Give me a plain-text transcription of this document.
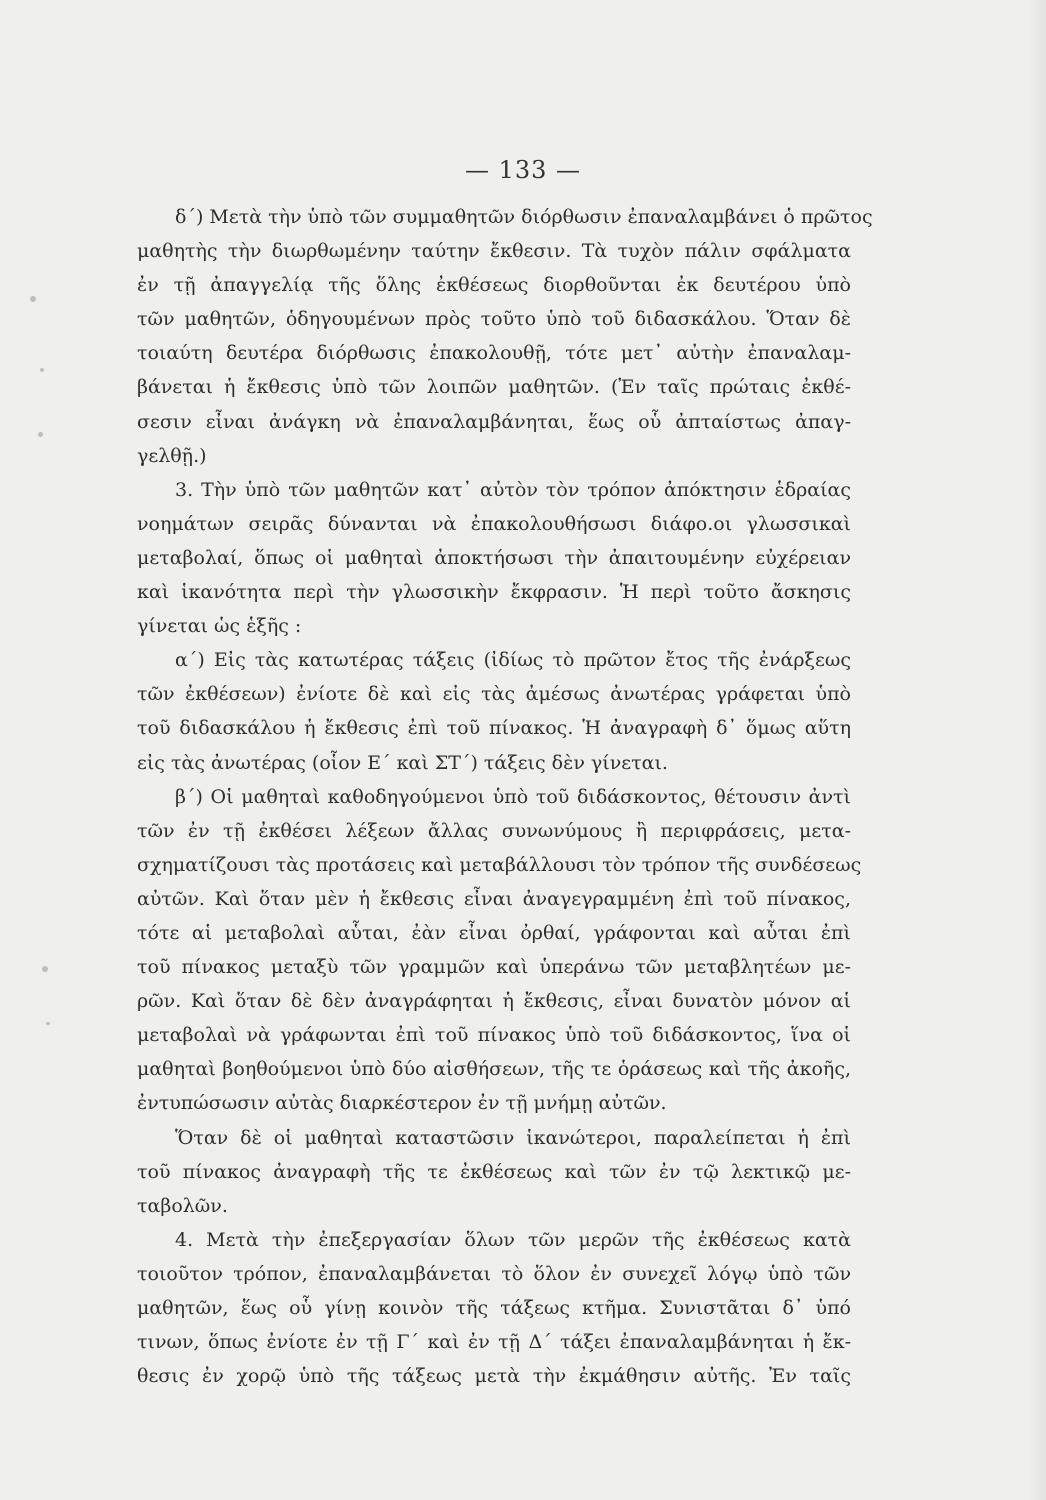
— 133 —
δ΄) Μετὰ τὴν ὑπὸ τῶν συμμαθητῶν διόρθωσιν ἐπαναλαμβάνει ὁ πρῶτος
μαθητὴς τὴν διωρθωμένην ταύτην ἔκθεσιν. Τὰ τυχὸν πάλιν σφάλματα
ἐν τῇ ἀπαγγελίᾳ τῆς ὅλης ἐκθέσεως διορθοῦνται ἐκ δευτέρου ὑπὸ
τῶν μαθητῶν, ὁδηγουμένων πρὸς τοῦτο ὑπὸ τοῦ διδασκάλου. Ὅταν δὲ
τοιαύτη δευτέρα διόρθωσις ἐπακολουθῇ, τότε μετ᾽ αὐτὴν ἐπαναλαμ-
βάνεται ἡ ἔκθεσις ὑπὸ τῶν λοιπῶν μαθητῶν. (Ἐν ταῖς πρώταις ἐκθέ-
σεσιν εἶναι ἀνάγκη νὰ ἐπαναλαμβάνηται, ἕως οὗ ἀπταίστως ἀπαγ-
γελθῇ.)
3. Τὴν ὑπὸ τῶν μαθητῶν κατ᾽ αὐτὸν τὸν τρόπον ἀπόκτησιν ἑδραίας
νοημάτων σειρᾶς δύνανται νὰ ἐπακολουθήσωσι διάφο.οι γλωσσικαὶ
μεταβολαί, ὅπως οἱ μαθηταὶ ἀποκτήσωσι τὴν ἀπαιτουμένην εὐχέρειαν
καὶ ἱκανότητα περὶ τὴν γλωσσικὴν ἔκφρασιν. Ἡ περὶ τοῦτο ἄσκησις
γίνεται ὡς ἑξῆς :
α΄) Εἰς τὰς κατωτέρας τάξεις (ἰδίως τὸ πρῶτον ἔτος τῆς ἐνάρξεως
τῶν ἐκθέσεων) ἐνίοτε δὲ καὶ εἰς τὰς ἀμέσως ἀνωτέρας γράφεται ὑπὸ
τοῦ διδασκάλου ἡ ἔκθεσις ἐπὶ τοῦ πίνακος. Ἡ ἀναγραφὴ δ᾽ ὅμως αὕτη
εἰς τὰς ἀνωτέρας (οἷον Ε΄ καὶ ΣΤ΄) τάξεις δὲν γίνεται.
β΄) Οἱ μαθηταὶ καθοδηγούμενοι ὑπὸ τοῦ διδάσκοντος, θέτουσιν ἀντὶ
τῶν ἐν τῇ ἐκθέσει λέξεων ἄλλας συνωνύμους ἢ περιφράσεις, μετα-
σχηματίζουσι τὰς προτάσεις καὶ μεταβάλλουσι τὸν τρόπον τῆς συνδέσεως
αὐτῶν. Καὶ ὅταν μὲν ἡ ἔκθεσις εἶναι ἀναγεγραμμένη ἐπὶ τοῦ πίνακος,
τότε αἱ μεταβολαὶ αὗται, ἐὰν εἶναι ὀρθαί, γράφονται καὶ αὗται ἐπὶ
τοῦ πίνακος μεταξὺ τῶν γραμμῶν καὶ ὑπεράνω τῶν μεταβλητέων με-
ρῶν. Καὶ ὅταν δὲ δὲν ἀναγράφηται ἡ ἔκθεσις, εἶναι δυνατὸν μόνον αἱ
μεταβολαὶ νὰ γράφωνται ἐπὶ τοῦ πίνακος ὑπὸ τοῦ διδάσκοντος, ἵνα οἱ
μαθηταὶ βοηθούμενοι ὑπὸ δύο αἰσθήσεων, τῆς τε ὁράσεως καὶ τῆς ἀκοῆς,
ἐντυπώσωσιν αὐτὰς διαρκέστερον ἐν τῇ μνήμῃ αὐτῶν.
Ὅταν δὲ οἱ μαθηταὶ καταστῶσιν ἱκανώτεροι, παραλείπεται ἡ ἐπὶ
τοῦ πίνακος ἀναγραφὴ τῆς τε ἐκθέσεως καὶ τῶν ἐν τῷ λεκτικῷ με-
ταβολῶν.
4. Μετὰ τὴν ἐπεξεργασίαν ὅλων τῶν μερῶν τῆς ἐκθέσεως κατὰ
τοιοῦτον τρόπον, ἐπαναλαμβάνεται τὸ ὅλον ἐν συνεχεῖ λόγῳ ὑπὸ τῶν
μαθητῶν, ἕως οὗ γίνῃ κοινὸν τῆς τάξεως κτῆμα. Συνιστᾶται δ᾽ ὑπό
τινων, ὅπως ἐνίοτε ἐν τῇ Γ΄ καὶ ἐν τῇ Δ΄ τάξει ἐπαναλαμβάνηται ἡ ἔκ-
θεσις ἐν χορῷ ὑπὸ τῆς τάξεως μετὰ τὴν ἐκμάθησιν αὐτῆς. Ἐν ταῖς
